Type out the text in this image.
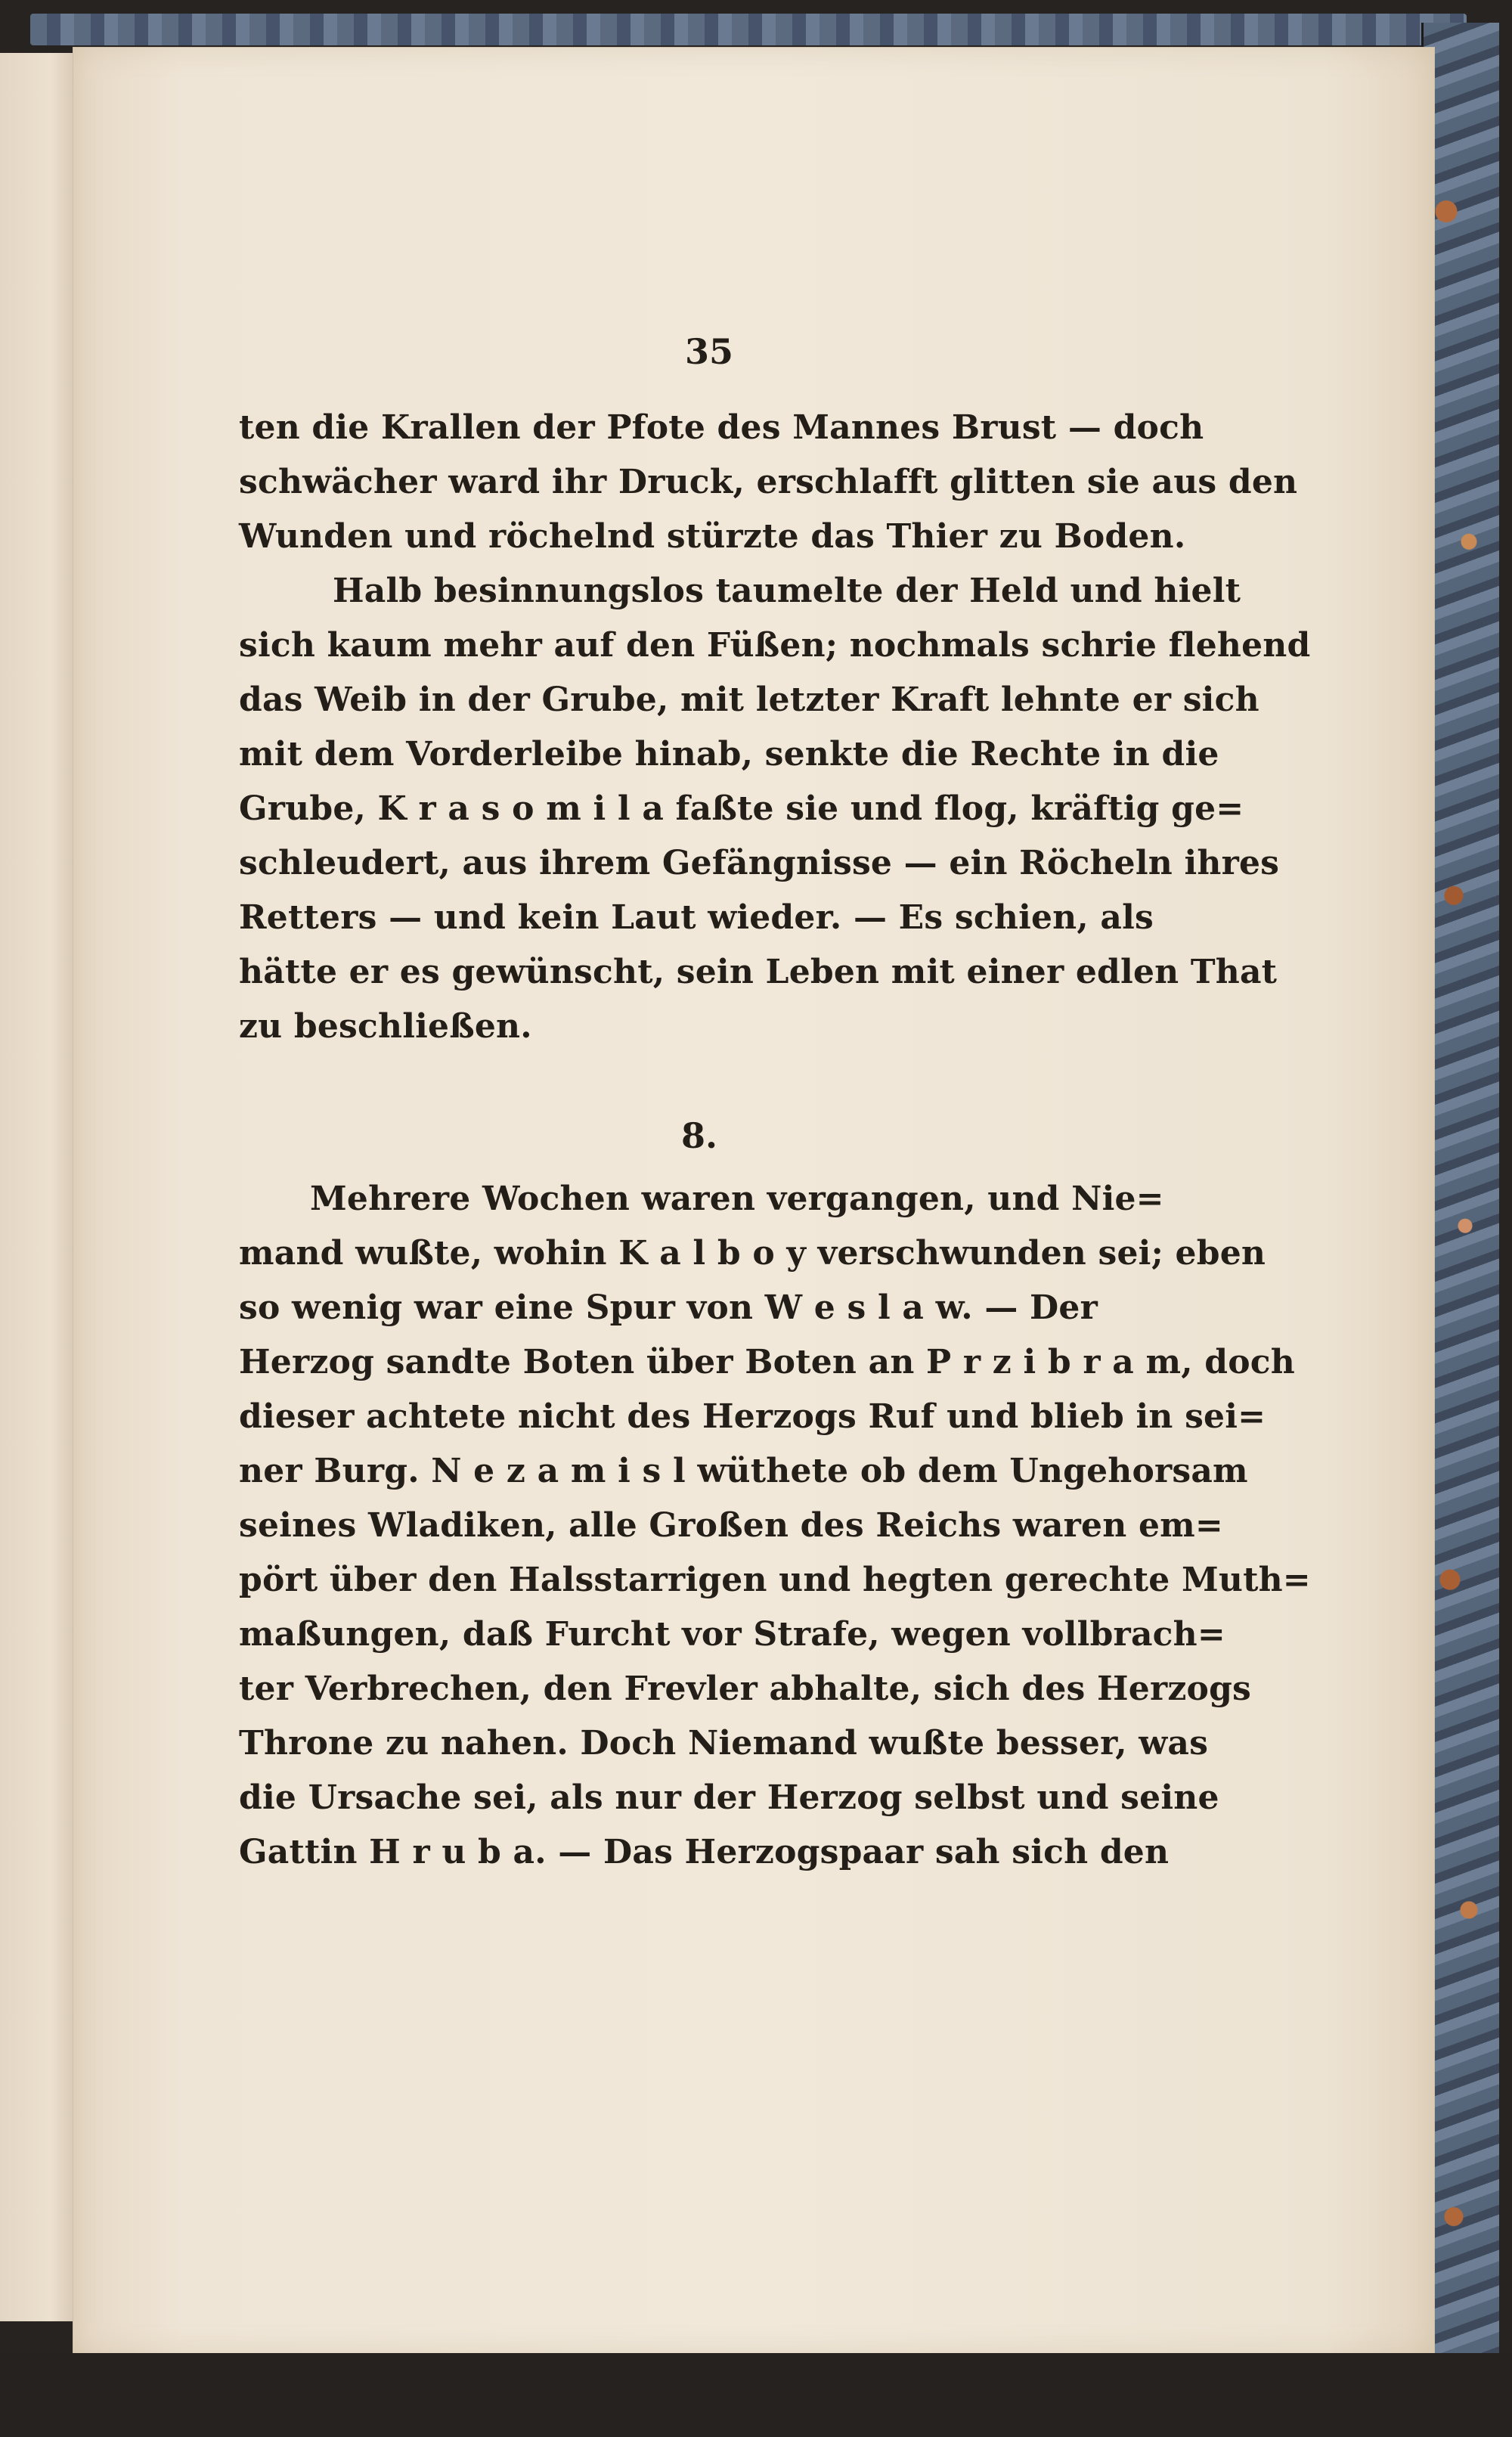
35
ten die Krallen der Pfote des Mannes Brust — doch
schwächer ward ihr Druck, erschlafft glitten sie aus den
Wunden und röchelnd stürzte das Thier zu Boden.
Halb besinnungslos taumelte der Held und hielt
sich kaum mehr auf den Füßen; nochmals schrie flehend
das Weib in der Grube, mit letzter Kraft lehnte er sich
mit dem Vorderleibe hinab, senkte die Rechte in die
Grube, K r a s o m i l a faßte sie und flog, kräftig ge=
schleudert, aus ihrem Gefängnisse — ein Röcheln ihres
Retters — und kein Laut wieder. — Es schien, als
hätte er es gewünscht, sein Leben mit einer edlen That
zu beschließen.
8.
Mehrere Wochen waren vergangen, und Nie=
mand wußte, wohin K a l b o y verschwunden sei; eben
so wenig war eine Spur von W e s l a w. — Der
Herzog sandte Boten über Boten an P r z i b r a m, doch
dieser achtete nicht des Herzogs Ruf und blieb in sei=
ner Burg. N e z a m i s l wüthete ob dem Ungehorsam
seines Wladiken, alle Großen des Reichs waren em=
pört über den Halsstarrigen und hegten gerechte Muth=
maßungen, daß Furcht vor Strafe, wegen vollbrach=
ter Verbrechen, den Frevler abhalte, sich des Herzogs
Throne zu nahen. Doch Niemand wußte besser, was
die Ursache sei, als nur der Herzog selbst und seine
Gattin H r u b a. — Das Herzogspaar sah sich den
